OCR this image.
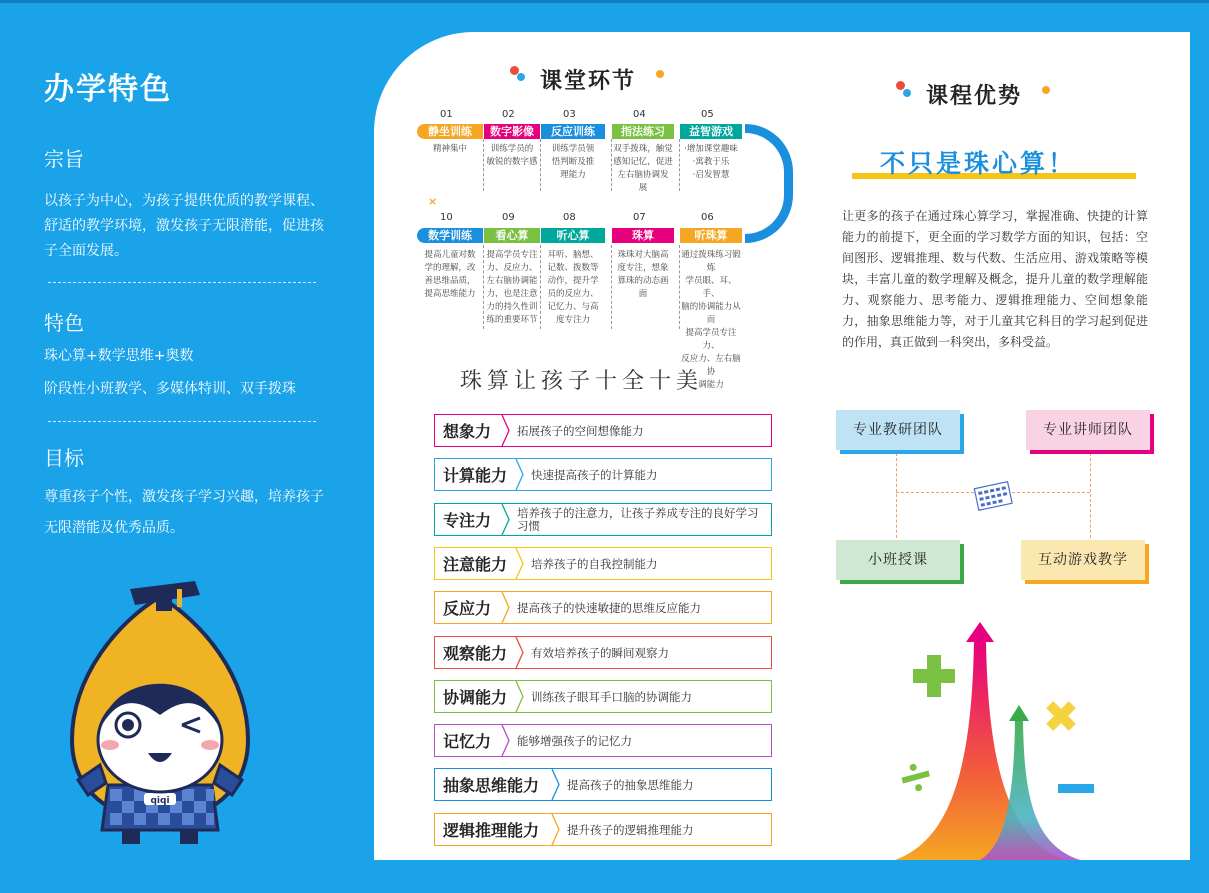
办学特色
宗旨
以孩子为中心，为孩子提供优质的教学课程、舒适的教学环境，激发孩子无限潜能，促进孩子全面发展。
特色
珠心算+数学思维+奥数
阶段性小班教学、多媒体特训、双手拨珠
目标
尊重孩子个性，激发孩子学习兴趣，培养孩子无限潜能及优秀品质。
qiqi
课堂环节
01
静坐训练
精神集中
02
数字影像
训练学员的
敏锐的数字感
03
反应训练
训练学员领
悟判断及推
理能力
04
指法练习
双手拨珠，触觉
感知记忆，促进
左右脑协调发
展
05
益智游戏
·增加课堂趣味
·寓教于乐
·启发智慧
10
数学训练
提高儿童对数
学的理解，改
善思维品质，
提高思维能力
09
看心算
提高学员专注
力、反应力、
左右脑协调能
力，也是注意
力的持久性训
练的重要环节
08
听心算
耳听、脑想、
记数、拨数等
动作，提升学
员的反应力、
记忆力、与高
度专注力
07
珠算
珠珠对大脑高
度专注，想象
算珠的动态画
面
06
听珠算
通过拨珠练习锻炼
学员眼、耳、手、
脑的协调能力从而
提高学员专注力、
反应力、左右脑协
调能力
×
珠算让孩子十全十美
想象力 拓展孩子的空间想像能力
计算能力 快速提高孩子的计算能力
专注力 培养孩子的注意力，让孩子养成专注的良好学习习惯
注意能力 培养孩子的自我控制能力
反应力 提高孩子的快速敏捷的思维反应能力
观察能力 有效培养孩子的瞬间观察力
协调能力 训练孩子眼耳手口脑的协调能力
记忆力 能够增强孩子的记忆力
抽象思维能力 提高孩子的抽象思维能力
逻辑推理能力 提升孩子的逻辑推理能力
课程优势
不只是珠心算！
让更多的孩子在通过珠心算学习，掌握准确、快捷的计算能力的前提下，更全面的学习数学方面的知识，包括：空间图形、逻辑推理、数与代数、生活应用、游戏策略等模块，丰富儿童的数学理解及概念，提升儿童的数学理解能力、观察能力、思考能力、逻辑推理能力、空间想象能力，抽象思维能力等，对于儿童其它科目的学习起到促进的作用，真正做到一科突出，多科受益。
专业教研团队	专业讲师团队
小班授课	互动游戏教学
